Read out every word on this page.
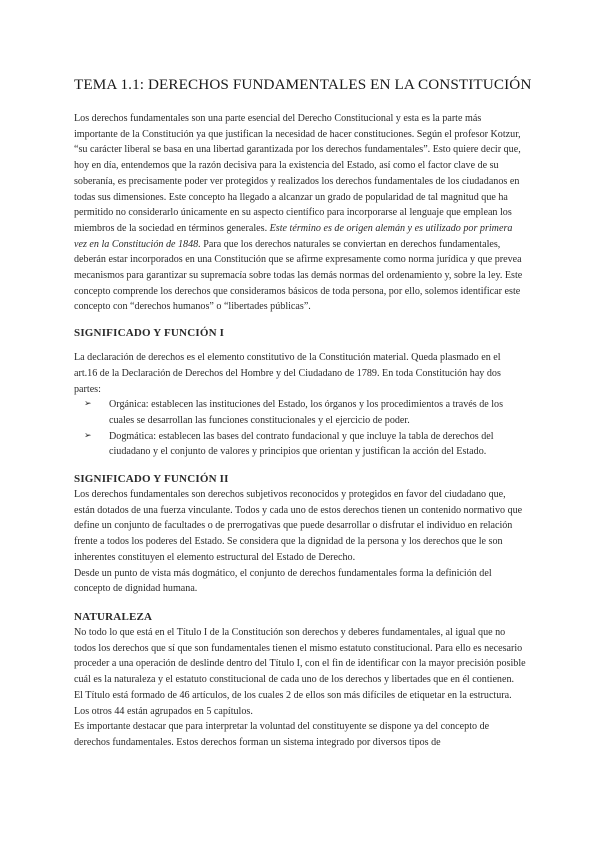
TEMA 1.1: DERECHOS FUNDAMENTALES EN LA CONSTITUCIÓN

Los derechos fundamentales son una parte esencial del Derecho Constitucional y esta es la parte más importante de la Constitución ya que justifican la necesidad de hacer constituciones. Según el profesor Kotzur, “su carácter liberal se basa en una libertad garantizada por los derechos fundamentales”. Esto quiere decir que, hoy en día, entendemos que la razón decisiva para la existencia del Estado, así como el factor clave de su soberanía, es precisamente poder ver protegidos y realizados los derechos fundamentales de los ciudadanos en todas sus dimensiones. Este concepto ha llegado a alcanzar un grado de popularidad de tal magnitud que ha permitido no considerarlo únicamente en su aspecto científico para incorporarse al lenguaje que emplean los miembros de la sociedad en términos generales. Este término es de origen alemán y es utilizado por primera vez en la Constitución de 1848. Para que los derechos naturales se conviertan en derechos fundamentales, deberán estar incorporados en una Constitución que se afirme expresamente como norma jurídica y que prevea mecanismos para garantizar su supremacía sobre todas las demás normas del ordenamiento y, sobre la ley. Este concepto comprende los derechos que consideramos básicos de toda persona, por ello, solemos identificar este concepto con “derechos humanos” o “libertades públicas”.

SIGNIFICADO Y FUNCIÓN I

La declaración de derechos es el elemento constitutivo de la Constitución material. Queda plasmado en el art.16 de la Declaración de Derechos del Hombre y del Ciudadano de 1789. En toda Constitución hay dos partes:

➢ Orgánica: establecen las instituciones del Estado, los órganos y los procedimientos a través de los cuales se desarrollan las funciones constitucionales y el ejercicio de poder.
➢ Dogmática: establecen las bases del contrato fundacional y que incluye la tabla de derechos del ciudadano y el conjunto de valores y principios que orientan y justifican la acción del Estado.
SIGNIFICADO Y FUNCIÓN II

Los derechos fundamentales son derechos subjetivos reconocidos y protegidos en favor del ciudadano que, están dotados de una fuerza vinculante. Todos y cada uno de estos derechos tienen un contenido normativo que define un conjunto de facultades o de prerrogativas que puede desarrollar o disfrutar el individuo en relación frente a todos los poderes del Estado. Se considera que la dignidad de la persona y los derechos que le son inherentes constituyen el elemento estructural del Estado de Derecho.

Desde un punto de vista más dogmático, el conjunto de derechos fundamentales forma la definición del concepto de dignidad humana.

NATURALEZA

No todo lo que está en el Título I de la Constitución son derechos y deberes fundamentales, al igual que no todos los derechos que sí que son fundamentales tienen el mismo estatuto constitucional. Para ello es necesario proceder a una operación de deslinde dentro del Título I, con el fin de identificar con la mayor precisión posible cuál es la naturaleza y el estatuto constitucional de cada uno de los derechos y libertades que en él contienen.

El Título está formado de 46 artículos, de los cuales 2 de ellos son más difíciles de etiquetar en la estructura. Los otros 44 están agrupados en 5 capítulos.

Es importante destacar que para interpretar la voluntad del constituyente se dispone ya del concepto de derechos fundamentales. Estos derechos forman un sistema integrado por diversos tipos de
